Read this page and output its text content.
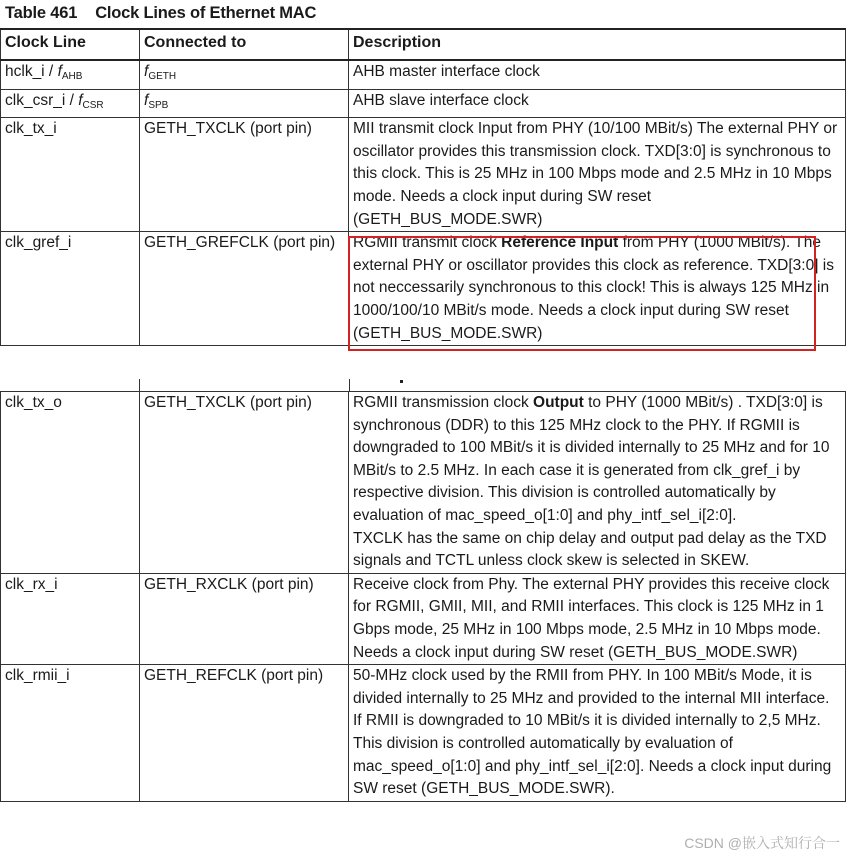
Table 461 Clock Lines of Ethernet MAC
Clock Line	Connected to	Description
hclk_i / $f_{AHB}$	$f_{GETH}$	AHB master interface clock
clk_csr_i / $f_{CSR}$	$f_{SPB}$	AHB slave interface clock
clk_tx_i	GETH_TXCLK (port pin)	MII transmit clock Input from PHY (10/100 MBit/s) The external PHY or oscillator provides this transmission clock. TXD[3:0] is synchronous to this clock. This is 25 MHz in 100 Mbps mode and 2.5 MHz in 10 Mbps mode. Needs a clock input during SW reset (GETH_BUS_MODE.SWR)
clk_gref_i	GETH_GREFCLK (port pin)	RGMII transmit clock Reference Input from PHY (1000 MBit/s). The external PHY or oscillator provides this clock as reference. TXD[3:0] is not neccessarily synchronous to this clock! This is always 125 MHz in 1000/100/10 MBit/s mode. Needs a clock input during SW reset (GETH_BUS_MODE.SWR)
clk_tx_o	GETH_TXCLK (port pin)	RGMII transmission clock Output to PHY (1000 MBit/s) . TXD[3:0] is synchronous (DDR) to this 125 MHz clock to the PHY. If RGMII is downgraded to 100 MBit/s it is divided internally to 25 MHz and for 10 MBit/s to 2.5 MHz. In each case it is generated from clk_gref_i by respective division. This division is controlled automatically by evaluation of mac_speed_o[1:0] and phy_intf_sel_i[2:0].
TXCLK has the same on chip delay and output pad delay as the TXD signals and TCTL unless clock skew is selected in SKEW.
clk_rx_i	GETH_RXCLK (port pin)	Receive clock from Phy. The external PHY provides this receive clock for RGMII, GMII, MII, and RMII interfaces. This clock is 125 MHz in 1 Gbps mode, 25 MHz in 100 Mbps mode, 2.5 MHz in 10 Mbps mode. Needs a clock input during SW reset (GETH_BUS_MODE.SWR)
clk_rmii_i	GETH_REFCLK (port pin)	50-MHz clock used by the RMII from PHY. In 100 MBit/s Mode, it is divided internally to 25 MHz and provided to the internal MII interface. If RMII is downgraded to 10 MBit/s it is divided internally to 2,5 MHz. This division is controlled automatically by evaluation of mac_speed_o[1:0] and phy_intf_sel_i[2:0]. Needs a clock input during SW reset (GETH_BUS_MODE.SWR).
CSDN @嵌入式知行合一
